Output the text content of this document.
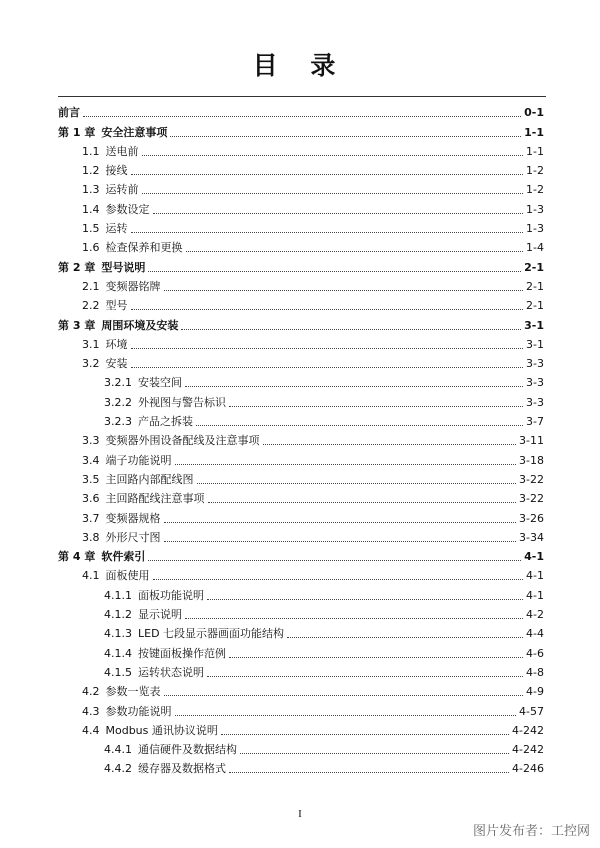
目 录
前言	0-1
第 1 章 安全注意事项	1-1
1.1 送电前	1-1
1.2 接线	1-2
1.3 运转前	1-2
1.4 参数设定	1-3
1.5 运转	1-3
1.6 检查保养和更换	1-4
第 2 章 型号说明	2-1
2.1 变频器铭牌	2-1
2.2 型号	2-1
第 3 章 周围环境及安装	3-1
3.1 环境	3-1
3.2 安装	3-3
3.2.1 安装空间	3-3
3.2.2 外视图与警告标识	3-3
3.2.3 产品之拆装	3-7
3.3 变频器外围设备配线及注意事项	3-11
3.4 端子功能说明	3-18
3.5 主回路内部配线图	3-22
3.6 主回路配线注意事项	3-22
3.7 变频器规格	3-26
3.8 外形尺寸图	3-34
第 4 章 软件索引	4-1
4.1 面板使用	4-1
4.1.1 面板功能说明	4-1
4.1.2 显示说明	4-2
4.1.3 LED 七段显示器画面功能结构	4-4
4.1.4 按键面板操作范例	4-6
4.1.5 运转状态说明	4-8
4.2 参数一览表	4-9
4.3 参数功能说明	4-57
4.4 Modbus 通讯协议说明	4-242
4.4.1 通信硬件及数据结构	4-242
4.4.2 缓存器及数据格式	4-246
I
图片发布者：工控网
